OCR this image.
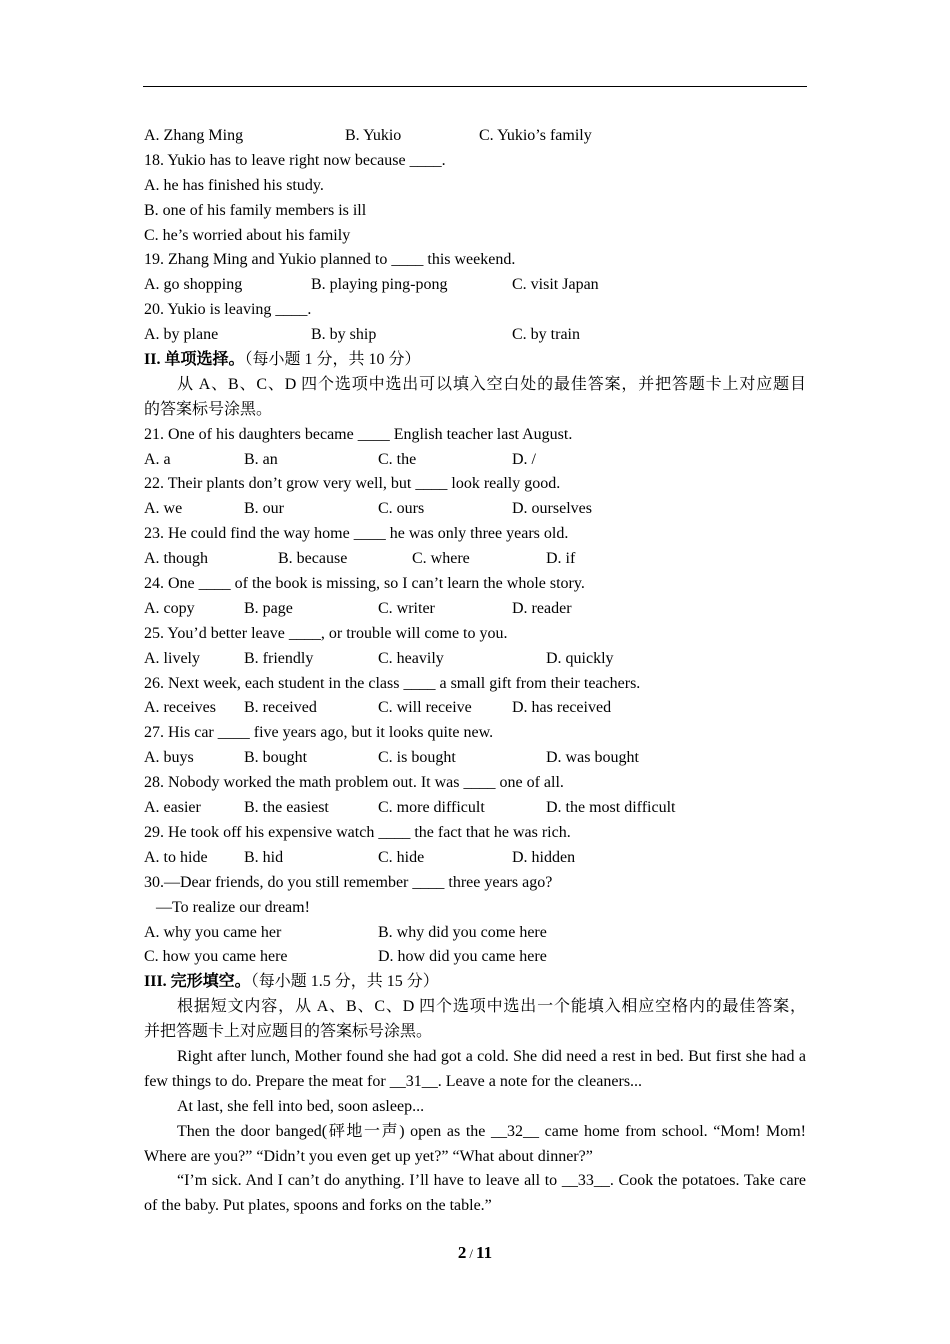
A. Zhang Ming	B. Yukio	C. Yukio’s family
18. Yukio has to leave right now because ____.
A. he has finished his study.
B. one of his family members is ill
C. he’s worried about his family
19. Zhang Ming and Yukio planned to ____ this weekend.
A. go shopping	B. playing ping-pong	C. visit Japan
20. Yukio is leaving ____.
A. by plane	B. by ship	C. by train
II. 单项选择。（每小题 1 分，共 10 分）
从 A、B、C、D 四个选项中选出可以填入空白处的最佳答案，并把答题卡上对应题目
的答案标号涂黑。
21. One of his daughters became ____ English teacher last August.
A. a	B. an	C. the	D. /
22. Their plants don’t grow very well, but ____ look really good.
A. we	B. our	C. ours	D. ourselves
23. He could find the way home ____ he was only three years old.
A. though	B. because	C. where	D. if
24. One ____ of the book is missing, so I can’t learn the whole story.
A. copy	B. page	C. writer	D. reader
25. You’d better leave ____, or trouble will come to you.
A. lively	B. friendly	C. heavily	D. quickly
26. Next week, each student in the class ____ a small gift from their teachers.
A. receives B. received	C. will receive	D. has received
27. His car ____ five years ago, but it looks quite new.
A. buys	B. bought	C. is bought	D. was bought
28. Nobody worked the math problem out. It was ____ one of all.
A. easier	B. the easiest	C. more difficult	D. the most difficult
29. He took off his expensive watch ____ the fact that he was rich.
A. to hide B. hid	C. hide	D. hidden
30.—Dear friends, do you still remember ____ three years ago?
—To realize our dream!
A. why you came her	B. why did you come here
C. how you came here	D. how did you came here
III. 完形填空。（每小题 1.5 分，共 15 分）
根据短文内容，从 A、B、C、D 四个选项中选出一个能填入相应空格内的最佳答案，
并把答题卡上对应题目的答案标号涂黑。
Right after lunch, Mother found she had got a cold. She did need a rest in bed. But first she had a few things to do. Prepare the meat for __31__. Leave a note for the cleaners...
At last, she fell into bed, soon asleep...
Then the door banged(砰地一声) open as the __32__ came home from school. “Mom! Mom! Where are you?” “Didn’t you even get up yet?” “What about dinner?”
“I’m sick. And I can’t do anything. I’ll have to leave all to __33__. Cook the potatoes. Take care of the baby. Put plates, spoons and forks on the table.”
2 / 11
